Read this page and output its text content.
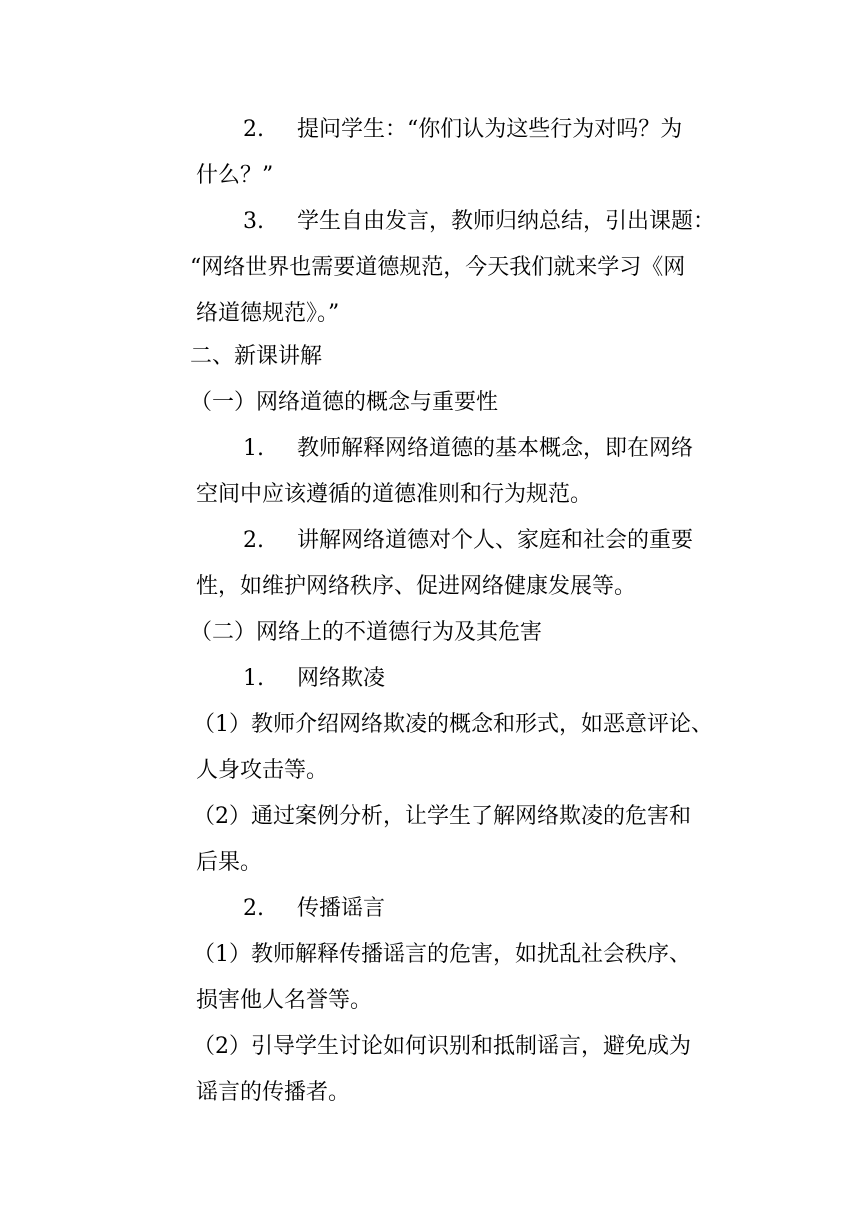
2. 提问学生：“你们认为这些行为对吗？为
什么？”
3. 学生自由发言，教师归纳总结，引出课题：
“网络世界也需要道德规范，今天我们就来学习《网
络道德规范》。”
二、新课讲解
（一）网络道德的概念与重要性
1. 教师解释网络道德的基本概念，即在网络
空间中应该遵循的道德准则和行为规范。
2. 讲解网络道德对个人、家庭和社会的重要
性，如维护网络秩序、促进网络健康发展等。
（二）网络上的不道德行为及其危害
1. 网络欺凌
（1）教师介绍网络欺凌的概念和形式，如恶意评论、
人身攻击等。
（2）通过案例分析，让学生了解网络欺凌的危害和
后果。
2. 传播谣言
（1）教师解释传播谣言的危害，如扰乱社会秩序、
损害他人名誉等。
（2）引导学生讨论如何识别和抵制谣言，避免成为
谣言的传播者。
